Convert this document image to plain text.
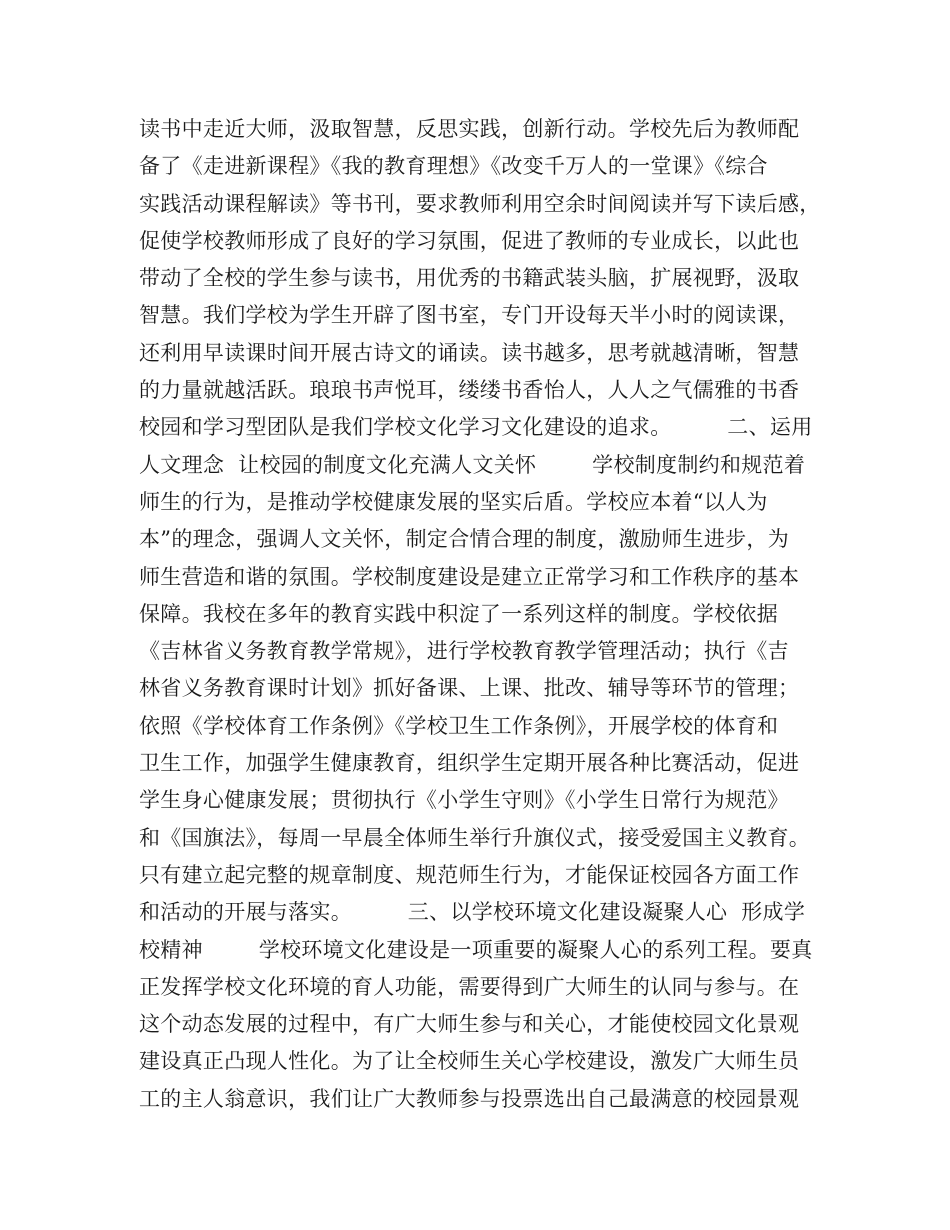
读书中走近大师，汲取智慧，反思实践，创新行动。学校先后为教师配
备了《走进新课程》《我的教育理想》《改变千万人的一堂课》《综合
实践活动课程解读》等书刊，要求教师利用空余时间阅读并写下读后感，
促使学校教师形成了良好的学习氛围，促进了教师的专业成长，以此也
带动了全校的学生参与读书，用优秀的书籍武装头脑，扩展视野，汲取
智慧。我们学校为学生开辟了图书室，专门开设每天半小时的阅读课，
还利用早读课时间开展古诗文的诵读。读书越多，思考就越清晰，智慧
的力量就越活跃。琅琅书声悦耳，缕缕书香怡人，人人之气儒雅的书香
校园和学习型团队是我们学校文化学习文化建设的追求。        二、运用
人文理念  让校园的制度文化充满人文关怀        学校制度制约和规范着
师生的行为，是推动学校健康发展的坚实后盾。学校应本着“以人为
本”的理念，强调人文关怀，制定合情合理的制度，激励师生进步，为
师生营造和谐的氛围。学校制度建设是建立正常学习和工作秩序的基本
保障。我校在多年的教育实践中积淀了一系列这样的制度。学校依据
《吉林省义务教育教学常规》，进行学校教育教学管理活动；执行《吉
林省义务教育课时计划》抓好备课、上课、批改、辅导等环节的管理；
依照《学校体育工作条例》《学校卫生工作条例》，开展学校的体育和
卫生工作，加强学生健康教育，组织学生定期开展各种比赛活动，促进
学生身心健康发展；贯彻执行《小学生守则》《小学生日常行为规范》
和《国旗法》，每周一早晨全体师生举行升旗仪式，接受爱国主义教育。
只有建立起完整的规章制度、规范师生行为，才能保证校园各方面工作
和活动的开展与落实。        三、以学校环境文化建设凝聚人心  形成学
校精神        学校环境文化建设是一项重要的凝聚人心的系列工程。要真
正发挥学校文化环境的育人功能，需要得到广大师生的认同与参与。在
这个动态发展的过程中，有广大师生参与和关心，才能使校园文化景观
建设真正凸现人性化。为了让全校师生关心学校建设，激发广大师生员
工的主人翁意识，我们让广大教师参与投票选出自己最满意的校园景观
